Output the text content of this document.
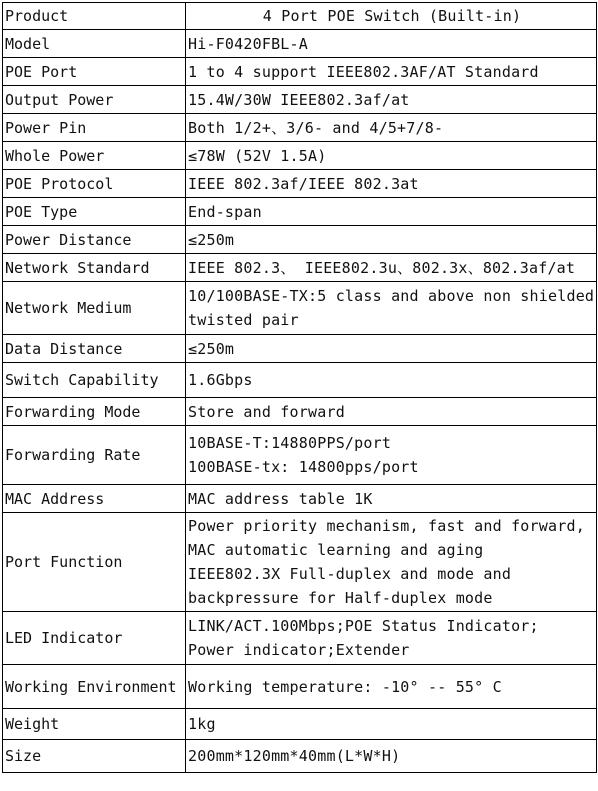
Product	4 Port POE Switch (Built-in)

Model	Hi-F0420FBL-A

POE Port	1 to 4 support IEEE802.3AF/AT Standard

Output Power	15.4W/30W IEEE802.3af/at

Power Pin	Both 1/2+、3/6- and 4/5+7/8-

Whole Power	≤78W (52V 1.5A)

POE Protocol	IEEE 802.3af/IEEE 802.3at

POE Type	End-span

Power Distance	≤250m

Network Standard	IEEE 802.3、 IEEE802.3u、802.3x、802.3af/at

Network Medium	10/100BASE-TX:5 class and above non shielded
twisted pair

Data Distance	≤250m

Switch Capability	1.6Gbps

Forwarding Mode	Store and forward

Forwarding Rate	10BASE-T:14880PPS/port
100BASE-tx: 14800pps/port

MAC Address	MAC address table 1K

Port Function	Power priority mechanism, fast and forward,
MAC automatic learning and aging
IEEE802.3X Full-duplex and mode and
backpressure for Half-duplex mode

LED Indicator	LINK/ACT.100Mbps;POE Status Indicator;
Power indicator;Extender

Working Environment	Working temperature: -10° -- 55° C

Weight	1kg

Size	200mm*120mm*40mm(L*W*H)
